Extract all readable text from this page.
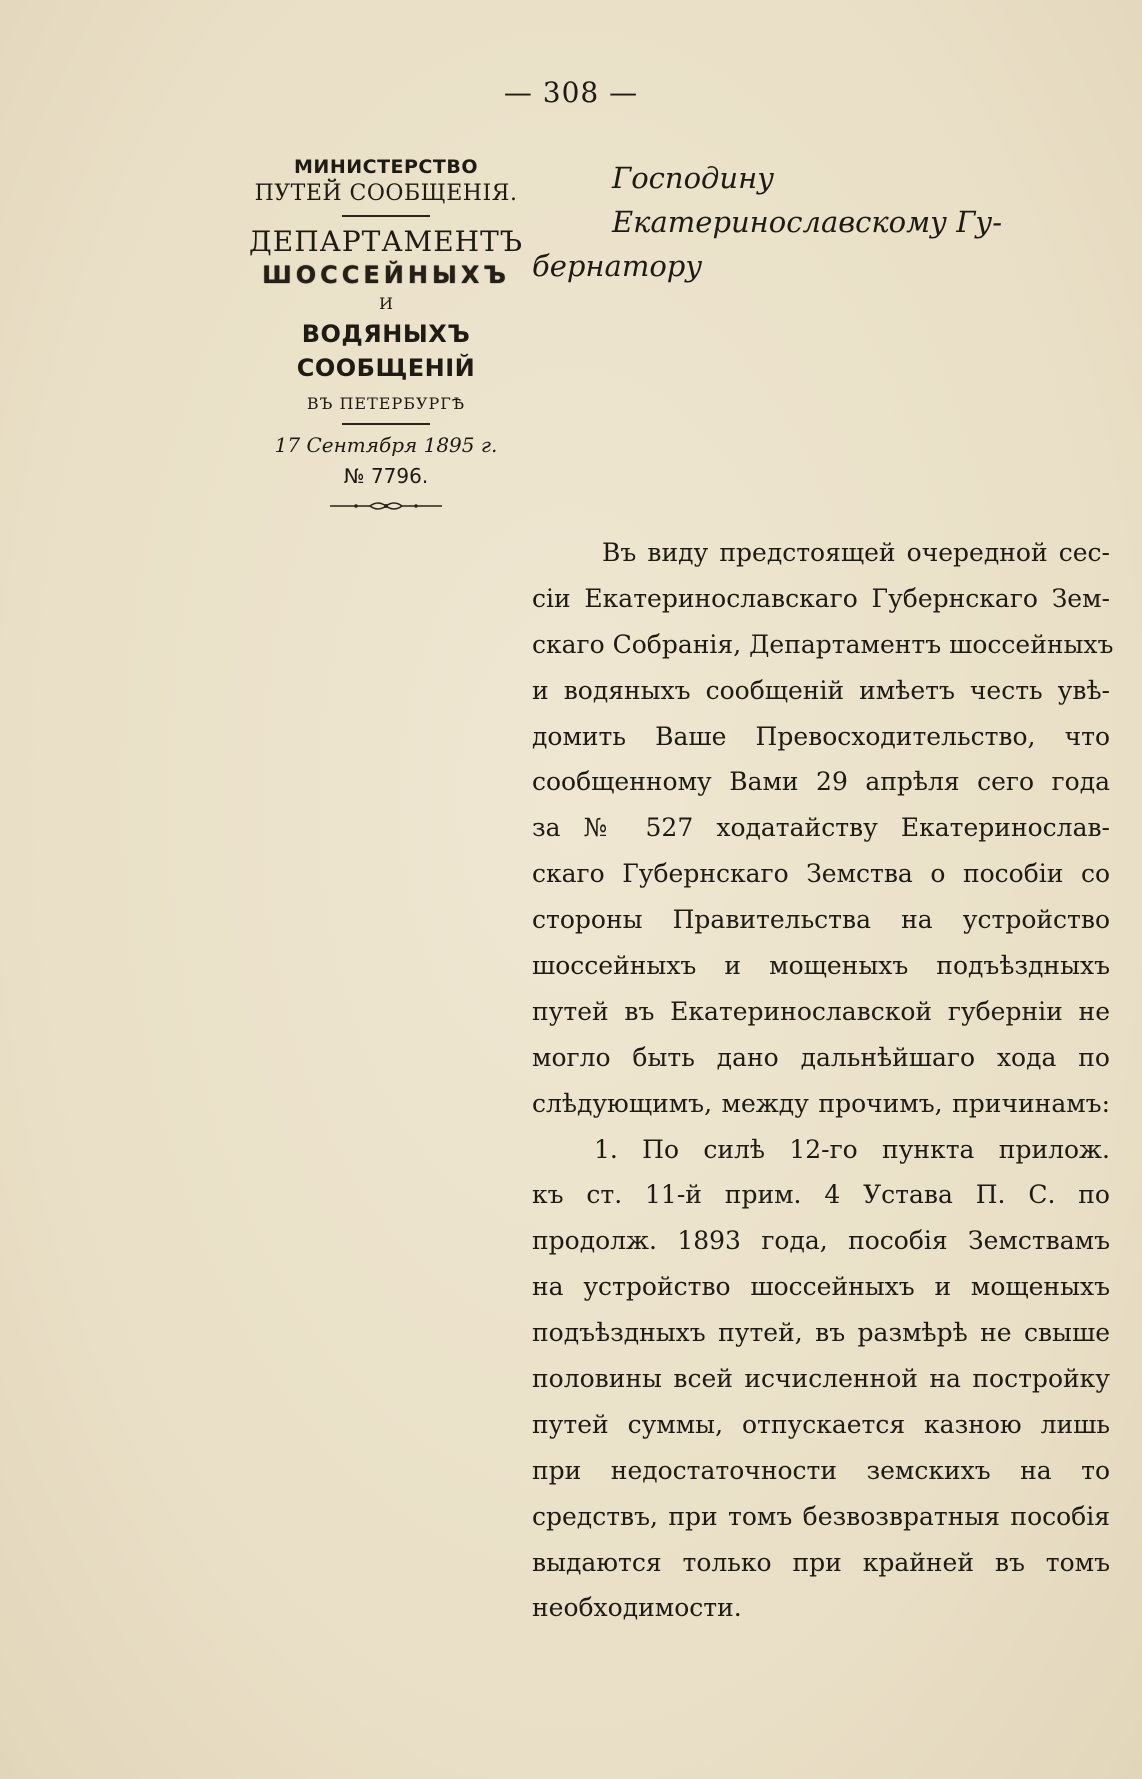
— 308 —
МИНИСТЕРСТВО
ПУТЕЙ СООБЩЕНІЯ.
ДЕПАРТАМЕНТЪ
ШОССЕЙНЫХЪ
И
ВОДЯНЫХЪ СООБЩЕНІЙ
ВЪ ПЕТЕРБУРГѢ
17 Сентября 1895 г.
№ 7796.
Господину Екатеринославскому Гу-
бернатору
Въ виду предстоящей очередной сес-
сіи Екатеринославскаго Губернскаго Зем-
скаго Собранія, Департаментъ шоссейныхъ
и водяныхъ сообщеній имѣетъ честь увѣ-
домить Ваше Превосходительство, что
сообщенному Вами 29 апрѣля сего года
за № 527 ходатайству Екатеринослав-
скаго Губернскаго Земства о пособіи со
стороны Правительства на устройство
шоссейныхъ и мощеныхъ подъѣздныхъ
путей въ Екатеринославской губерніи не
могло быть дано дальнѣйшаго хода по
слѣдующимъ, между прочимъ, причинамъ:
1. По силѣ 12-го пункта прилож.
къ ст. 11-й прим. 4 Устава П. С. по
продолж. 1893 года, пособія Земствамъ
на устройство шоссейныхъ и мощеныхъ
подъѣздныхъ путей, въ размѣрѣ не свыше
половины всей исчисленной на постройку
путей суммы, отпускается казною лишь
при недостаточности земскихъ на то
средствъ, при томъ безвозвратныя пособія
выдаются только при крайней въ томъ
необходимости.
